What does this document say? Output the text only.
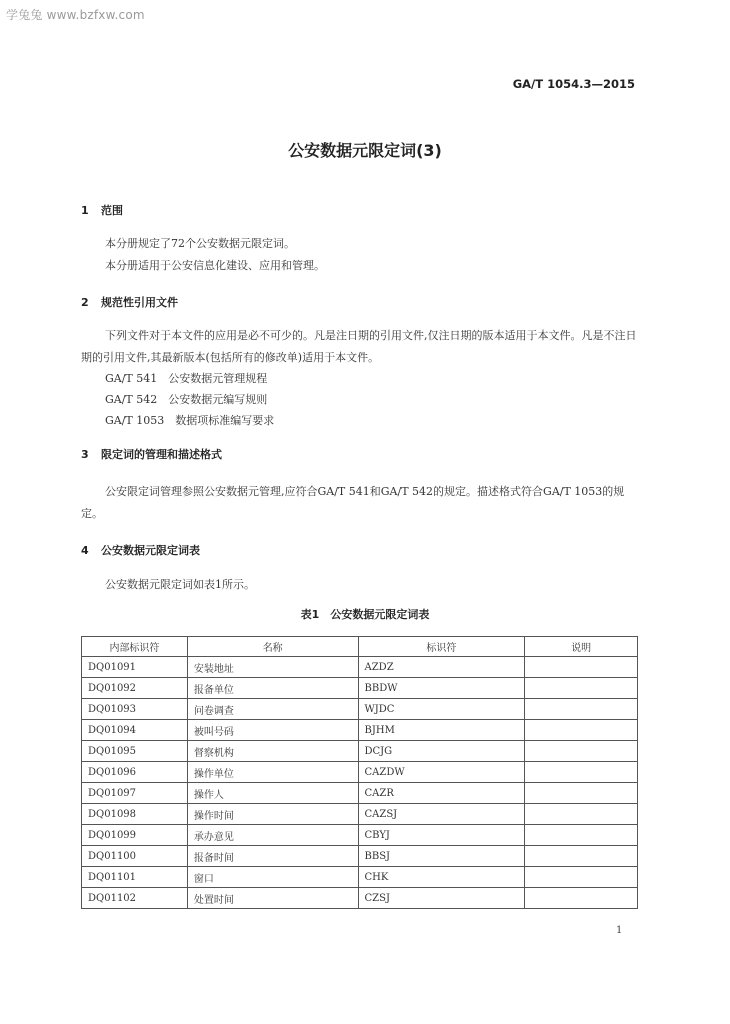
学兔兔 www.bzfxw.com
GA/T 1054.3—2015
公安数据元限定词(3)
1 范围
本分册规定了72个公安数据元限定词。
本分册适用于公安信息化建设、应用和管理。
2 规范性引用文件
下列文件对于本文件的应用是必不可少的。凡是注日期的引用文件,仅注日期的版本适用于本文件。凡是不注日期的引用文件,其最新版本(包括所有的修改单)适用于本文件。
GA/T 541　公安数据元管理规程
GA/T 542　公安数据元编写规则
GA/T 1053　数据项标准编写要求
3 限定词的管理和描述格式
公安限定词管理参照公安数据元管理,应符合GA/T 541和GA/T 542的规定。描述格式符合GA/T 1053的规定。
4 公安数据元限定词表
公安数据元限定词如表1所示。
表1　公安数据元限定词表
内部标识符	名称	标识符	说明
DQ01091	安装地址	AZDZ	
DQ01092	报备单位	BBDW	
DQ01093	问卷调查	WJDC	
DQ01094	被叫号码	BJHM	
DQ01095	督察机构	DCJG	
DQ01096	操作单位	CAZDW	
DQ01097	操作人	CAZR	
DQ01098	操作时间	CAZSJ	
DQ01099	承办意见	CBYJ	
DQ01100	报备时间	BBSJ	
DQ01101	窗口	CHK	
DQ01102	处置时间	CZSJ	
1
